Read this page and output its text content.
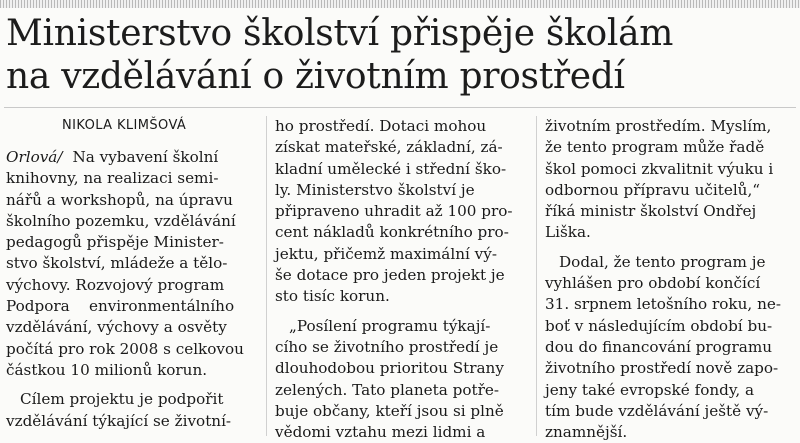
Ministerstvo školství přispěje školám
na vzdělávání o životním prostředí
NIKOLA KLIMŠOVÁ
Orlová/ Na vybavení školní
knihovny, na realizaci semi-
nářů a workshopů, na úpravu
školního pozemku, vzdělávání
pedagogů přispěje Minister-
stvo školství, mládeže a tělo-
výchovy. Rozvojový program
Podpora    environmentálního
vzdělávání, výchovy a osvěty
počítá pro rok 2008 s celkovou
částkou 10 milionů korun.
Cílem projektu je podpořit
vzdělávání týkající se životní-
ho prostředí. Dotaci mohou
získat mateřské, základní, zá-
kladní umělecké i střední ško-
ly. Ministerstvo školství je
připraveno uhradit až 100 pro-
cent nákladů konkrétního pro-
jektu, přičemž maximální vý-
še dotace pro jeden projekt je
sto tisíc korun.
„Posílení programu týkají-
cího se životního prostředí je
dlouhodobou prioritou Strany
zelených. Tato planeta potře-
buje občany, kteří jsou si plně
vědomi vztahu mezi lidmi a
životním prostředím. Myslím,
že tento program může řadě
škol pomoci zkvalitnit výuku i
odbornou přípravu učitelů,“
říká ministr školství Ondřej
Liška.
Dodal, že tento program je
vyhlášen pro období končící
31. srpnem letošního roku, ne-
boť v následujícím období bu-
dou do financování programu
životního prostředí nově zapo-
jeny také evropské fondy, a
tím bude vzdělávání ještě vý-
znamnější.
